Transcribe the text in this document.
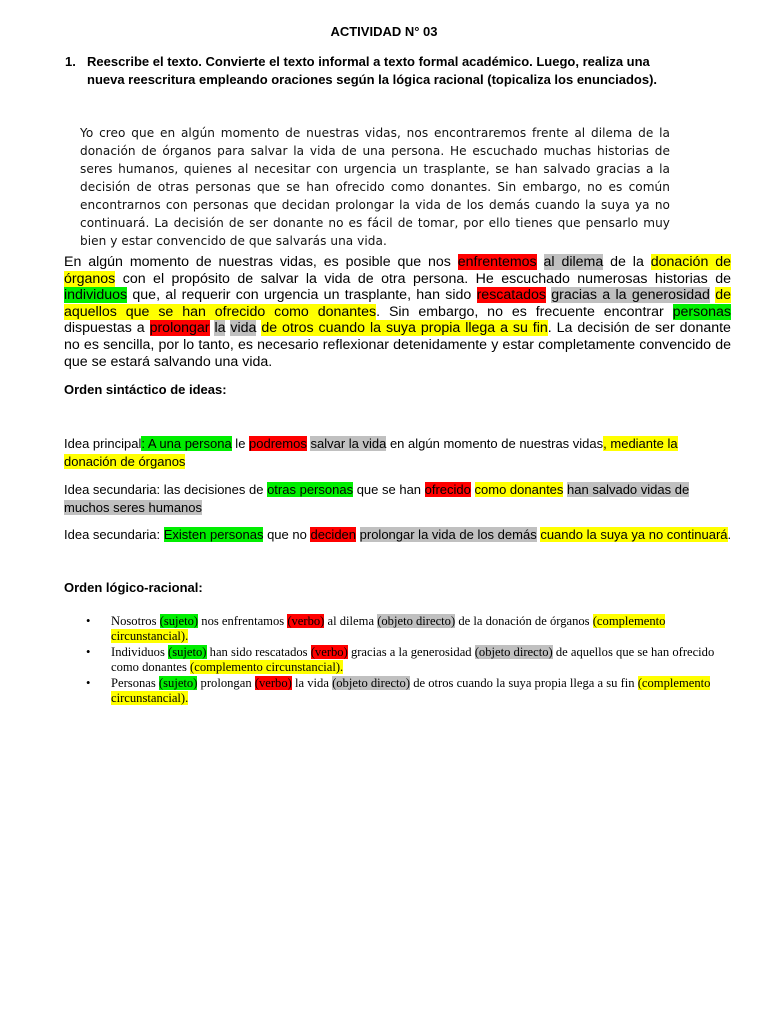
ACTIVIDAD N° 03
1. Reescribe el texto. Convierte el texto informal a texto formal académico. Luego, realiza una nueva reescritura empleando oraciones según la lógica racional (topicaliza los enunciados).
Yo creo que en algún momento de nuestras vidas, nos encontraremos frente al dilema de la donación de órganos para salvar la vida de una persona. He escuchado muchas historias de seres humanos, quienes al necesitar con urgencia un trasplante, se han salvado gracias a la decisión de otras personas que se han ofrecido como donantes. Sin embargo, no es común encontrarnos con personas que decidan prolongar la vida de los demás cuando la suya ya no continuará. La decisión de ser donante no es fácil de tomar, por ello tienes que pensarlo muy bien y estar convencido de que salvarás una vida.
En algún momento de nuestras vidas, es posible que nos enfrentemos al dilema de la donación de órganos con el propósito de salvar la vida de otra persona. He escuchado numerosas historias de individuos que, al requerir con urgencia un trasplante, han sido rescatados gracias a la generosidad de aquellos que se han ofrecido como donantes. Sin embargo, no es frecuente encontrar personas dispuestas a prolongar la vida de otros cuando la suya propia llega a su fin. La decisión de ser donante no es sencilla, por lo tanto, es necesario reflexionar detenidamente y estar completamente convencido de que se estará salvando una vida.
Orden sintáctico de ideas:
Idea principal: A una persona le podremos salvar la vida en algún momento de nuestras vidas, mediante la donación de órganos
Idea secundaria: las decisiones de otras personas que se han ofrecido como donantes han salvado vidas de muchos seres humanos
Idea secundaria: Existen personas que no deciden prolongar la vida de los demás cuando la suya ya no continuará.
Orden lógico-racional:
• Nosotros (sujeto) nos enfrentamos (verbo) al dilema (objeto directo) de la donación de órganos (complemento circunstancial).
• Individuos (sujeto) han sido rescatados (verbo) gracias a la generosidad (objeto directo) de aquellos que se han ofrecido como donantes (complemento circunstancial).
• Personas (sujeto) prolongan (verbo) la vida (objeto directo) de otros cuando la suya propia llega a su fin (complemento circunstancial).
